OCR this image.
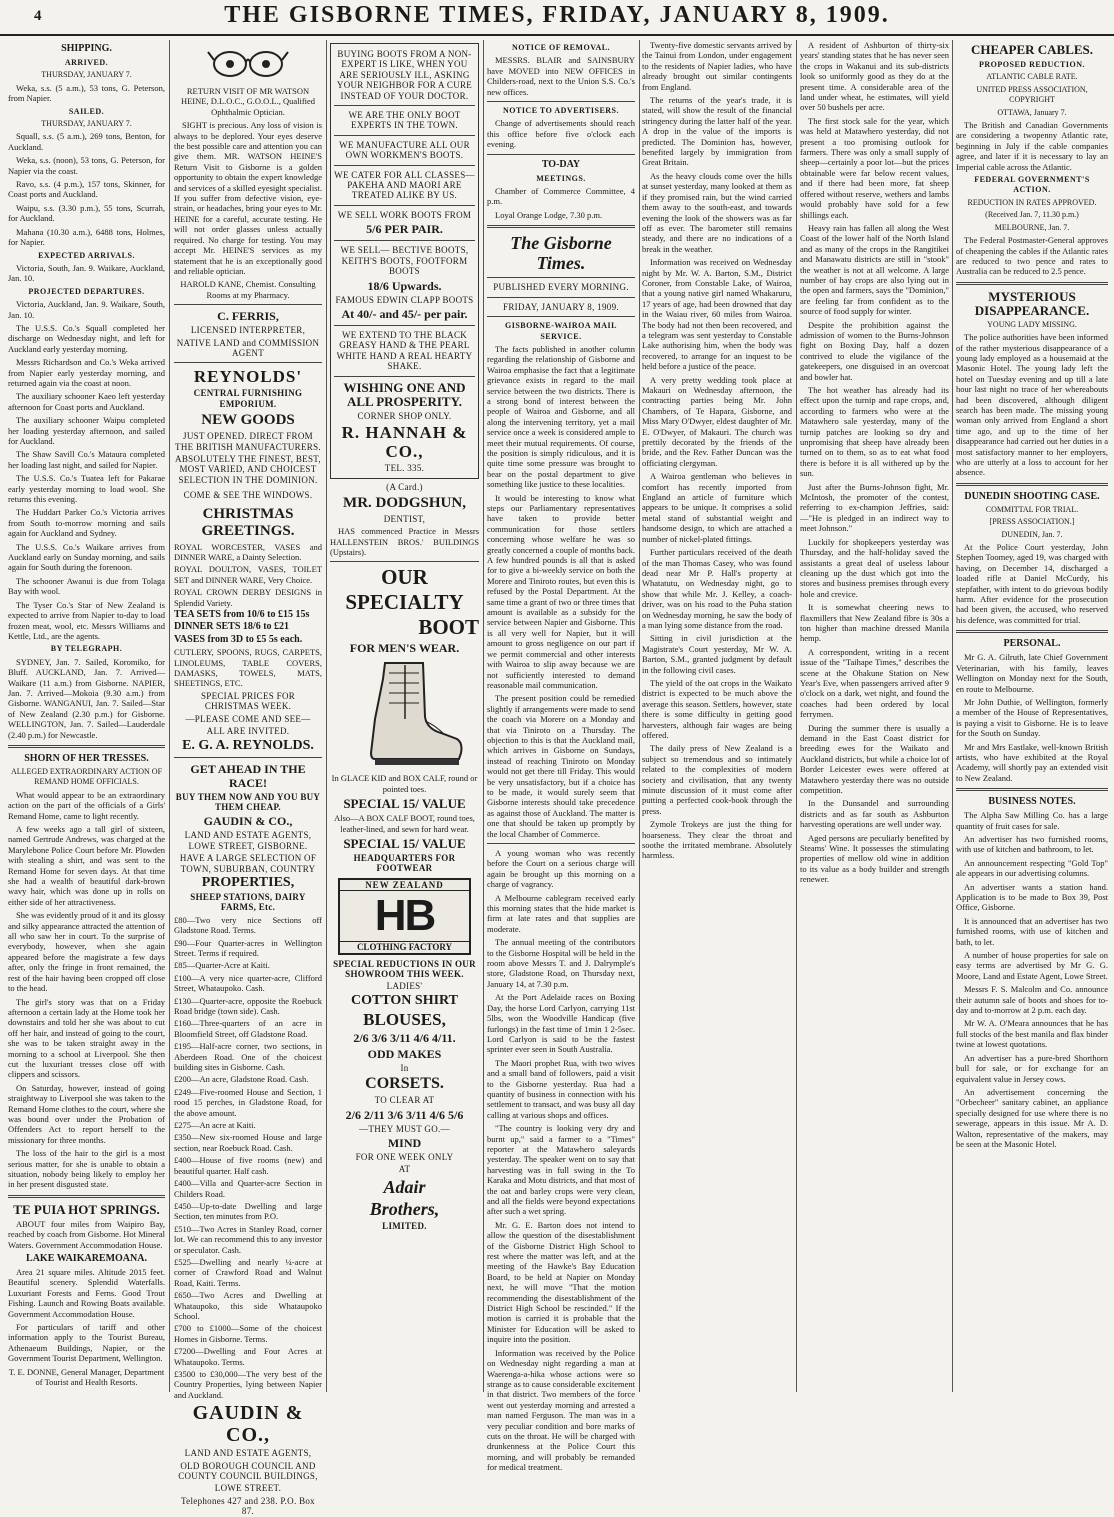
4	THE GISBORNE TIMES, FRIDAY, JANUARY 8, 1909.
SHIPPING.
ARRIVED.
THURSDAY, JANUARY 7.

Weka, s.s. (5 a.m.), 53 tons, G. Peterson, from Napier.

SAILED.
THURSDAY, JANUARY 7.

Squall, s.s. (5 a.m.), 269 tons, Benton, for Auckland.

Weka, s.s. (noon), 53 tons, G. Peterson, for Napier via the coast.

Ravo, s.s. (4 p.m.), 157 tons, Skinner, for Coast ports and Auckland.

Waipu, s.s. (3.30 p.m.), 55 tons, Scurrah, for Auckland.

Mahana (10.30 a.m.), 6488 tons, Holmes, for Napier.

EXPECTED ARRIVALS.

Victoria, South, Jan. 9. Waikare, Auckland, Jan. 10.

PROJECTED DEPARTURES.

Victoria, Auckland, Jan. 9. Waikare, South, Jan. 10.

The U.S.S. Co.'s Squall completed her discharge on Wednesday night, and left for Auckland early yesterday morning.

Messrs Richardson and Co.'s Weka arrived from Napier early yesterday morning, and returned again via the coast at noon.

The auxiliary schooner Kaeo left yesterday afternoon for Coast ports and Auckland.

The auxiliary schooner Waipu completed her loading yesterday afternoon, and sailed for Auckland.

The Shaw Savill Co.'s Mataura completed her loading last night, and sailed for Napier.

The U.S.S. Co.'s Tuatea left for Pakarae early yesterday morning to load wool. She returns this evening.

The Huddart Parker Co.'s Victoria arrives from South to-morrow morning and sails again for Auckland and Sydney.

The U.S.S. Co.'s Waikare arrives from Auckland early on Sunday morning, and sails again for South during the forenoon.

The schooner Awanui is due from Tolaga Bay with wool.

The Tyser Co.'s Star of New Zealand is expected to arrive from Napier to-day to load frozen meat, wool, etc. Messrs Williams and Kettle, Ltd., are the agents.

BY TELEGRAPH.

SYDNEY, Jan. 7. Sailed, Koromiko, for Bluff. AUCKLAND, Jan. 7. Arrived—Waikare (11 a.m.) from Gisborne. NAPIER, Jan. 7. Arrived—Mokoia (9.30 a.m.) from Gisborne. WANGANUI, Jan. 7. Sailed—Star of New Zealand (2.30 p.m.) for Gisborne. WELLINGTON, Jan. 7. Sailed—Lauderdale (2.40 p.m.) for Newcastle.

SHORN OF HER TRESSES.
ALLEGED EXTRAORDINARY ACTION OF REMAND HOME OFFICIALS.

What would appear to be an extraordinary action on the part of the officials of a Girls' Remand Home, came to light recently.

A few weeks ago a tall girl of sixteen, named Gertrude Andrews, was charged at the Marylebone Police Court before Mr. Plowden with stealing a shirt, and was sent to the Remand Home for seven days. At that time she had a wealth of beautiful dark-brown wavy hair, which was done up in rolls on either side of her attractiveness.

She was evidently proud of it and its glossy and silky appearance attracted the attention of all who saw her in court. To the surprise of everybody, however, when she again appeared before the magistrate a few days after, only the fringe in front remained, the rest of the hair having been cropped off close to the head.

The girl's story was that on a Friday afternoon a certain lady at the Home took her downstairs and told her she was about to cut off her hair, and instead of going to the court, she was to be taken straight away in the morning to a school at Liverpool. She then cut the luxuriant tresses close off with clippers and scissors.

On Saturday, however, instead of going straightway to Liverpool she was taken to the Remand Home clothes to the court, where she was bound over under the Probation of Offenders Act to report herself to the missionary for three months.

The loss of the hair to the girl is a most serious matter, for she is unable to obtain a situation, nobody being likely to employ her in her present disgusted state.

TE PUIA HOT SPRINGS.

ABOUT four miles from Waipiro Bay, reached by coach from Gisborne. Hot Mineral Waters. Government Accommodation House.

LAKE WAIKAREMOANA.

Area 21 square miles. Altitude 2015 feet. Beautiful scenery. Splendid Waterfalls. Luxuriant Forests and Ferns. Good Trout Fishing. Launch and Rowing Boats available. Government Accommodation House.

For particulars of tariff and other information apply to the Tourist Bureau, Athenaeum Buildings, Napier, or the Government Tourist Department, Wellington.

T. E. DONNE, General Manager, Department of Tourist and Health Resorts.

RETURN VISIT OF MR WATSON HEINE, D.L.O.C., G.O.O.L., Qualified Ophthalmic Optician.

SIGHT is precious. Any loss of vision is always to be deplored. Your eyes deserve the best possible care and attention you can give them. MR. WATSON HEINE'S Return Visit to Gisborne is a golden opportunity to obtain the expert knowledge and services of a skilled eyesight specialist. If you suffer from defective vision, eye-strain, or headaches, bring your eyes to Mr. HEINE for a careful, accurate testing. He will not order glasses unless actually required. No charge for testing. You may accept Mr. HEINE'S services as my statement that he is an exceptionally good and reliable optician.

HAROLD KANE, Chemist. Consulting Rooms at my Pharmacy.

C. FERRIS,
LICENSED INTERPRETER,
NATIVE LAND and COMMISSION AGENT
REYNOLDS'
CENTRAL FURNISHING EMPORIUM.
NEW GOODS
JUST OPENED. DIRECT FROM THE BRITISH MANUFACTURERS.
ABSOLUTELY THE FINEST, BEST, MOST VARIED, AND CHOICEST SELECTION IN THE DOMINION.
COME & SEE THE WINDOWS.
CHRISTMAS GREETINGS.

ROYAL WORCESTER, VASES and DINNER WARE, a Dainty Selection.

ROYAL DOULTON, VASES, TOILET SET and DINNER WARE, Very Choice.

ROYAL CROWN DERBY DESIGNS in Splendid Variety.

TEA SETS from 10/6 to £15 15s

DINNER SETS 18/6 to £21

VASES from 3D to £5 5s each.

CUTLERY, SPOONS, RUGS, CARPETS, LINOLEUMS, TABLE COVERS, DAMASKS, TOWELS, MATS, SHEETINGS, ETC.

SPECIAL PRICES FOR CHRISTMAS WEEK.
—PLEASE COME AND SEE—
ALL ARE INVITED.
E. G. A. REYNOLDS.
GET AHEAD IN THE RACE!
BUY THEM NOW AND YOU BUY THEM CHEAP.
GAUDIN & CO.,
LAND AND ESTATE AGENTS, LOWE STREET, GISBORNE.
HAVE A LARGE SELECTION OF TOWN, SUBURBAN, COUNTRY
PROPERTIES,
SHEEP STATIONS, DAIRY FARMS, Etc.

£80—Two very nice Sections off Gladstone Road. Terms.

£90—Four Quarter-acres in Wellington Street. Terms if required.

£85—Quarter-Acre at Kaiti.

£100—A very nice quarter-acre, Clifford Street, Whataupoko. Cash.

£130—Quarter-acre, opposite the Roebuck Road bridge (town side). Cash.

£160—Three-quarters of an acre in Bloomfield Street, off Gladstone Road.

£195—Half-acre corner, two sections, in Aberdeen Road. One of the choicest building sites in Gisborne. Cash.

£200—An acre, Gladstone Road. Cash.

£249—Five-roomed House and Section, 1 rood 15 perches, in Gladstone Road, for the above amount.

£275—An acre at Kaiti.

£350—New six-roomed House and large section, near Roebuck Road. Cash.

£400—House of five rooms (new) and beautiful quarter. Half cash.

£400—Villa and Quarter-acre Section in Childers Road.

£450—Up-to-date Dwelling and large Section, ten minutes from P.O.

£510—Two Acres in Stanley Road, corner lot. We can recommend this to any investor or speculator. Cash.

£525—Dwelling and nearly ¼-acre at corner of Crawford Road and Walnut Road, Kaiti. Terms.

£650—Two Acres and Dwelling at Whataupoko, this side Whataupoko School.

£700 to £1000—Some of the choicest Homes in Gisborne. Terms.

£7200—Dwelling and Four Acres at Whataupoko. Terms.

£3500 to £30,000—The very best of the Country Properties, lying between Napier and Auckland.

GAUDIN & CO.,
LAND AND ESTATE AGENTS,
OLD BOROUGH COUNCIL AND COUNTY COUNCIL BUILDINGS,
LOWE STREET.
Telephones 427 and 238. P.O. Box 87.
BUYING BOOTS FROM A NON-EXPERT IS LIKE, WHEN YOU ARE SERIOUSLY ILL, ASKING YOUR NEIGHBOR FOR A CURE INSTEAD OF YOUR DOCTOR.
WE ARE THE ONLY BOOT EXPERTS IN THE TOWN.
WE MANUFACTURE ALL OUR OWN WORKMEN'S BOOTS.
WE CATER FOR ALL CLASSES—PAKEHA AND MAORI ARE TREATED ALIKE BY US.
WE SELL WORK BOOTS FROM
5/6 PER PAIR.
WE SELL— BECTIVE BOOTS, KEITH'S BOOTS, FOOTFORM BOOTS
18/6 Upwards.
FAMOUS EDWIN CLAPP BOOTS
At 40/- and 45/- per pair.
WE EXTEND TO THE BLACK GREASY HAND & THE PEARL WHITE HAND A REAL HEARTY SHAKE.
WISHING ONE AND ALL PROSPERITY.
CORNER SHOP ONLY.
R. HANNAH & CO.,
TEL. 335.
(A Card.)
MR. DODGSHUN,
DENTIST,

HAS commenced Practice in Messrs HALLENSTEIN BROS.' BUILDINGS (Upstairs).

OUR
SPECIALTY
BOOT
FOR MEN'S WEAR.

In GLACE KID and BOX CALF, round or pointed toes.

SPECIAL 15/ VALUE

Also—A BOX CALF BOOT, round toes, leather-lined, and sewn for hard wear.

SPECIAL 15/ VALUE
HEADQUARTERS FOR FOOTWEAR
NEW ZEALAND
HB
CLOTHING FACTORY
SPECIAL REDUCTIONS IN OUR SHOWROOM THIS WEEK.
LADIES'
COTTON SHIRT
BLOUSES,
2/6 3/6 3/11 4/6 4/11.
ODD MAKES
In
CORSETS.
TO CLEAR AT
2/6 2/11 3/6 3/11 4/6 5/6
—THEY MUST GO.—
MIND
FOR ONE WEEK ONLY
AT
Adair
Brothers,
LIMITED.
NOTICE OF REMOVAL.

MESSRS. BLAIR and SAINSBURY have MOVED into NEW OFFICES in Childers-road, next to the Union S.S. Co.'s new offices.

NOTICE TO ADVERTISERS.

Change of advertisements should reach this office before five o'clock each evening.

TO-DAY
MEETINGS.

Chamber of Commerce Committee, 4 p.m.

Loyal Orange Lodge, 7.30 p.m.

The Gisborne Times.
PUBLISHED EVERY MORNING.
FRIDAY, JANUARY 8, 1909.
GISBORNE-WAIROA MAIL SERVICE.

The facts published in another column regarding the relationship of Gisborne and Wairoa emphasise the fact that a legitimate grievance exists in regard to the mail service between the two districts. There is a strong bond of interest between the people of Wairoa and Gisborne, and all along the intervening territory, yet a mail service once a week is considered ample to meet their mutual requirements. Of course, the position is simply ridiculous, and it is quite time some pressure was brought to bear on the postal department to give something like justice to these localities.

It would be interesting to know what steps our Parliamentary representatives have taken to provide better communication for those settlers concerning whose welfare he was so greatly concerned a couple of months back. A few hundred pounds is all that is asked for to give a bi-weekly service on both the Morere and Tiniroto routes, but even this is refused by the Postal Department. At the same time a grant of two or three times that amount is available as a subsidy for the service between Napier and Gisborne. This is all very well for Napier, but it will amount to gross negligence on our part if we permit commercial and other interests with Wairoa to slip away because we are not sufficiently interested to demand reasonable mail communication.

The present position could be remedied slightly if arrangements were made to send the coach via Morere on a Monday and that via Tiniroto on a Thursday. The objection to this is that the Auckland mail, which arrives in Gisborne on Sundays, instead of reaching Tiniroto on Monday would not get there till Friday. This would be very unsatisfactory, but if a choice has to be made, it would surely seem that Gisborne interests should take precedence as against those of Auckland. The matter is one that should be taken up promptly by the local Chamber of Commerce.

A young woman who was recently before the Court on a serious charge will again be brought up this morning on a charge of vagrancy.

A Melbourne cablegram received early this morning states that the hide market is firm at late rates and that supplies are moderate.

The annual meeting of the contributors to the Gisborne Hospital will be held in the room above Messrs T. and J. Dalrymple's store, Gladstone Road, on Thursday next, January 14, at 7.30 p.m.

At the Port Adelaide races on Boxing Day, the horse Lord Carlyon, carrying 11st 5lbs, won the Woodville Handicap (five furlongs) in the fast time of 1min 1 2-5sec. Lord Carlyon is said to be the fastest sprinter ever seen in South Australia.

The Maori prophet Rua, with two wives and a small band of followers, paid a visit to the Gisborne yesterday. Rua had a quantity of business in connection with his settlement to transact, and was busy all day calling at various shops and offices.

"The country is looking very dry and burnt up," said a farmer to a "Times" reporter at the Matawhero saleyards yesterday. The speaker went on to say that harvesting was in full swing in the To Karaka and Motu districts, and that most of the oat and barley crops were very clean, and all the fields were beyond expectations after such a wet spring.

Mr. G. E. Barton does not intend to allow the question of the disestablishment of the Gisborne District High School to rest where the matter was left, and at the meeting of the Hawke's Bay Education Board, to be held at Napier on Monday next, he will move "That the motion recommending the disestablishment of the District High School be rescinded." If the motion is carried it is probable that the Minister for Education will be asked to inquire into the position.

Information was received by the Police on Wednesday night regarding a man at Waerenga-a-hika whose actions were so strange as to cause considerable excitement in that district. Two members of the force went out yesterday morning and arrested a man named Ferguson. The man was in a very peculiar condition and bore marks of cuts on the throat. He will be charged with drunkenness at the Police Court this morning, and will probably be remanded for medical treatment.

Twenty-five domestic servants arrived by the Tainui from London, under engagement to the residents of Napier ladies, who have already brought out similar contingents from England.

The returns of the year's trade, it is stated, will show the result of the financial stringency during the latter half of the year. A drop in the value of the imports is predicted. The Dominion has, however, benefited largely by immigration from Great Britain.

As the heavy clouds come over the hills at sunset yesterday, many looked at them as if they promised rain, but the wind carried them away to the south-east, and towards evening the look of the showers was as far off as ever. The barometer still remains steady, and there are no indications of a break in the weather.

Information was received on Wednesday night by Mr. W. A. Barton, S.M., District Coroner, from Constable Lake, of Wairoa, that a young native girl named Whakaruru, 17 years of age, had been drowned that day in the Waiau river, 60 miles from Wairoa. The body had not then been recovered, and a telegram was sent yesterday to Constable Lake authorising him, when the body was recovered, to arrange for an inquest to be held before a justice of the peace.

A very pretty wedding took place at Makauri on Wednesday afternoon, the contracting parties being Mr. John Chambers, of Te Hapara, Gisborne, and Miss Mary O'Dwyer, eldest daughter of Mr. E. O'Dwyer, of Makauri. The church was prettily decorated by the friends of the bride, and the Rev. Father Duncan was the officiating clergyman.

A Wairoa gentleman who believes in comfort has recently imported from England an article of furniture which appears to be unique. It comprises a solid metal stand of substantial weight and handsome design, to which are attached a number of nickel-plated fittings.

Further particulars received of the death of the man Thomas Casey, who was found dead near Mr P. Hall's property at Whatatutu, on Wednesday night, go to show that while Mr. J. Kelley, a coach-driver, was on his road to the Puha station on Wednesday morning, he saw the body of a man lying some distance from the road.

Sitting in civil jurisdiction at the Magistrate's Court yesterday, Mr W. A. Barton, S.M., granted judgment by default in the following civil cases.

The yield of the oat crops in the Waikato district is expected to be much above the average this season. Settlers, however, state there is some difficulty in getting good harvesters, although fair wages are being offered.

The daily press of New Zealand is a subject so tremendous and so intimately related to the complexities of modern society and civilisation, that any twenty minute discussion of it must come after putting a perfected cook-book through the press.

Zymole Trokeys are just the thing for hoarseness. They clear the throat and soothe the irritated membrane. Absolutely harmless.

A resident of Ashburton of thirty-six years' standing states that he has never seen the crops in Wakanui and its sub-districts look so uniformly good as they do at the present time. A considerable area of the land under wheat, he estimates, will yield over 50 bushels per acre.

The first stock sale for the year, which was held at Matawhero yesterday, did not present a too promising outlook for farmers. There was only a small supply of sheep—certainly a poor lot—but the prices obtainable were far below recent values, and if there had been more, fat sheep offered without reserve, wethers and lambs would probably have sold for a few shillings each.

Heavy rain has fallen all along the West Coast of the lower half of the North Island and as many of the crops in the Rangitikei and Manawatu districts are still in "stook" the weather is not at all welcome. A large number of hay crops are also lying out in the open and farmers, says the "Dominion," are feeling far from confident as to the source of food supply for winter.

Despite the prohibition against the admission of women to the Burns-Johnson fight on Boxing Day, half a dozen contrived to elude the vigilance of the gatekeepers, one disguised in an overcoat and bowler hat.

The hot weather has already had its effect upon the turnip and rape crops, and, according to farmers who were at the Matawhero sale yesterday, many of the turnip patches are looking so dry and unpromising that sheep have already been turned on to them, so as to eat what food there is before it is all withered up by the sun.

Just after the Burns-Johnson fight, Mr. McIntosh, the promoter of the contest, referring to ex-champion Jeffries, said:—"He is pledged in an indirect way to meet Johnson."

Luckily for shopkeepers yesterday was Thursday, and the half-holiday saved the assistants a great deal of useless labour cleaning up the dust which got into the stores and business premises through every hole and crevice.

It is somewhat cheering news to flaxmillers that New Zealand fibre is 30s a ton higher than machine dressed Manila hemp.

A correspondent, writing in a recent issue of the "Taihape Times," describes the scene at the Ohakune Station on New Year's Eve, when passengers arrived after 9 o'clock on a dark, wet night, and found the coaches had been ordered by local ferrymen.

During the summer there is usually a demand in the East Coast district for breeding ewes for the Waikato and Auckland districts, but while a choice lot of Border Leicester ewes were offered at Matawhero yesterday there was no outside competition.

In the Dunsandel and surrounding districts and as far south as Ashburton harvesting operations are well under way.

Aged persons are peculiarly benefited by Steams' Wine. It possesses the stimulating properties of mellow old wine in addition to its value as a body builder and strength renewer.

CHEAPER CABLES.
PROPOSED REDUCTION.
ATLANTIC CABLE RATE.
UNITED PRESS ASSOCIATION, COPYRIGHT
OTTAWA, January 7.

The British and Canadian Governments are considering a twopenny Atlantic rate, beginning in July if the cable companies agree, and later if it is necessary to lay an Imperial cable across the Atlantic.

FEDERAL GOVERNMENT'S ACTION.
REDUCTION IN RATES APPROVED.
(Received Jan. 7, 11.30 p.m.)
MELBOURNE, Jan. 7.

The Federal Postmaster-General approves of cheapening the cables if the Atlantic rates are reduced to two pence and rates to Australia can be reduced to 2.5 pence.

MYSTERIOUS DISAPPEARANCE.
YOUNG LADY MISSING.

The police authorities have been informed of the rather mysterious disappearance of a young lady employed as a housemaid at the Masonic Hotel. The young lady left the hotel on Tuesday evening and up till a late hour last night no trace of her whereabouts had been discovered, although diligent search has been made. The missing young woman only arrived from England a short time ago, and up to the time of her disappearance had carried out her duties in a most satisfactory manner to her employers, who are utterly at a loss to account for her absence.

DUNEDIN SHOOTING CASE.
COMMITTAL FOR TRIAL.
[PRESS ASSOCIATION.]
DUNEDIN, Jan. 7.

At the Police Court yesterday, John Stephen Toomey, aged 19, was charged with having, on December 14, discharged a loaded rifle at Daniel McCurdy, his stepfather, with intent to do grievous bodily harm. After evidence for the prosecution had been given, the accused, who reserved his defence, was committed for trial.

PERSONAL.

Mr G. A. Gilruth, late Chief Government Veterinarian, with his family, leaves Wellington on Monday next for the South, en route to Melbourne.

Mr John Duthie, of Wellington, formerly a member of the House of Representatives, is paying a visit to Gisborne. He is to leave for the South on Sunday.

Mr and Mrs Eastlake, well-known British artists, who have exhibited at the Royal Academy, will shortly pay an extended visit to New Zealand.

BUSINESS NOTES.

The Alpha Saw Milling Co. has a large quantity of fruit cases for sale.

An advertiser has two furnished rooms, with use of kitchen and bathroom, to let.

An announcement respecting "Gold Top" ale appears in our advertising columns.

An advertiser wants a station hand. Application is to be made to Box 39, Post Office, Gisborne.

It is announced that an advertiser has two furnished rooms, with use of kitchen and bath, to let.

A number of house properties for sale on easy terms are advertised by Mr G. G. Moore, Land and Estate Agent, Lowe Street.

Messrs F. S. Malcolm and Co. announce their autumn sale of boots and shoes for to-day and to-morrow at 2 p.m. each day.

Mr W. A. O'Meara announces that he has full stocks of the best manila and flax binder twine at lowest quotations.

An advertiser has a pure-bred Shorthorn bull for sale, or for exchange for an equivalent value in Jersey cows.

An advertisement concerning the "Orbecheer" sanitary cabinet, an appliance specially designed for use where there is no sewerage, appears in this issue. Mr A. D. Walton, representative of the makers, may be seen at the Masonic Hotel.
